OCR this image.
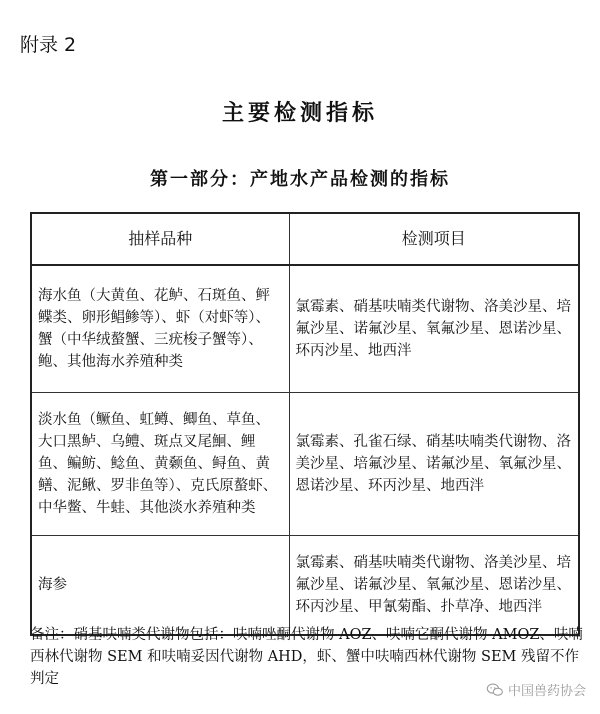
附录 2
主要检测指标
第一部分：产地水产品检测的指标
抽样品种	检测项目
海水鱼（大黄鱼、花鲈、石斑鱼、鲆鲽类、卵形鲳鲹等）、虾（对虾等）、蟹（中华绒螯蟹、三疣梭子蟹等）、鲍、其他海水养殖种类	氯霉素、硝基呋喃类代谢物、洛美沙星、培氟沙星、诺氟沙星、氧氟沙星、恩诺沙星、环丙沙星、地西泮
淡水鱼（鳜鱼、虹鳟、鲫鱼、草鱼、大口黑鲈、乌鳢、斑点叉尾鮰、鲤鱼、鳊鲂、鲶鱼、黄颡鱼、鲟鱼、黄鳝、泥鳅、罗非鱼等）、克氏原螯虾、中华鳖、牛蛙、其他淡水养殖种类	氯霉素、孔雀石绿、硝基呋喃类代谢物、洛美沙星、培氟沙星、诺氟沙星、氧氟沙星、恩诺沙星、环丙沙星、地西泮
海参	氯霉素、硝基呋喃类代谢物、洛美沙星、培氟沙星、诺氟沙星、氧氟沙星、恩诺沙星、环丙沙星、甲氰菊酯、扑草净、地西泮
备注：硝基呋喃类代谢物包括：呋喃唑酮代谢物 AOZ、呋喃它酮代谢物 AMOZ、呋喃西林代谢物 SEM 和呋喃妥因代谢物 AHD，虾、蟹中呋喃西林代谢物 SEM 残留不作判定
中国兽药协会
